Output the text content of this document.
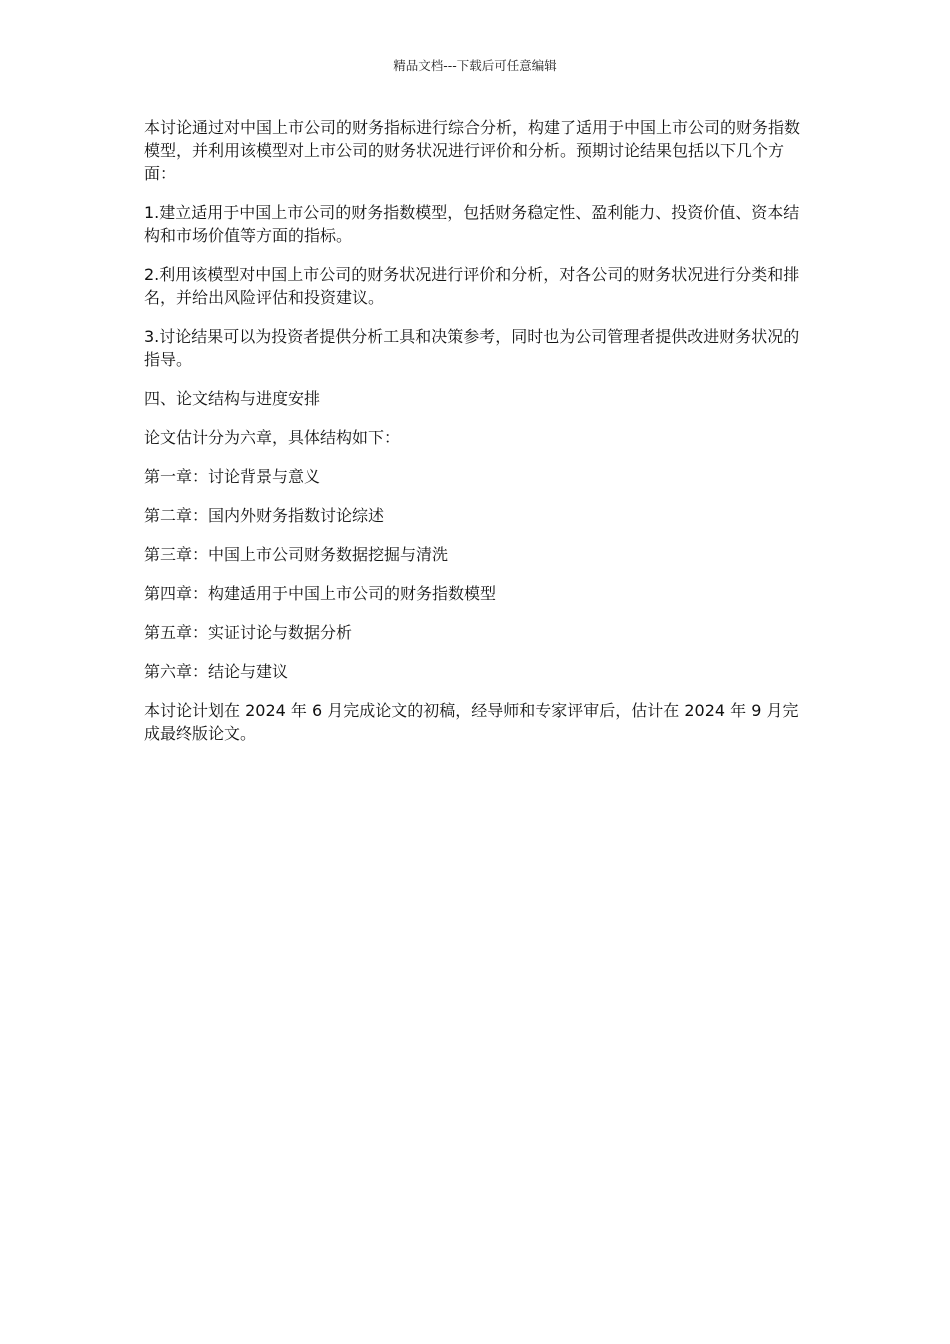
精品文档---下载后可任意编辑

本讨论通过对中国上市公司的财务指标进行综合分析，构建了适用于中国上市公司的财务指数模型，并利用该模型对上市公司的财务状况进行评价和分析。预期讨论结果包括以下几个方面：

1.建立适用于中国上市公司的财务指数模型，包括财务稳定性、盈利能力、投资价值、资本结构和市场价值等方面的指标。

2.利用该模型对中国上市公司的财务状况进行评价和分析，对各公司的财务状况进行分类和排名，并给出风险评估和投资建议。

3.讨论结果可以为投资者提供分析工具和决策参考，同时也为公司管理者提供改进财务状况的指导。

四、论文结构与进度安排

论文估计分为六章，具体结构如下：

第一章：讨论背景与意义

第二章：国内外财务指数讨论综述

第三章：中国上市公司财务数据挖掘与清洗

第四章：构建适用于中国上市公司的财务指数模型

第五章：实证讨论与数据分析

第六章：结论与建议

本讨论计划在 2024 年 6 月完成论文的初稿，经导师和专家评审后，估计在 2024 年 9 月完成最终版论文。
